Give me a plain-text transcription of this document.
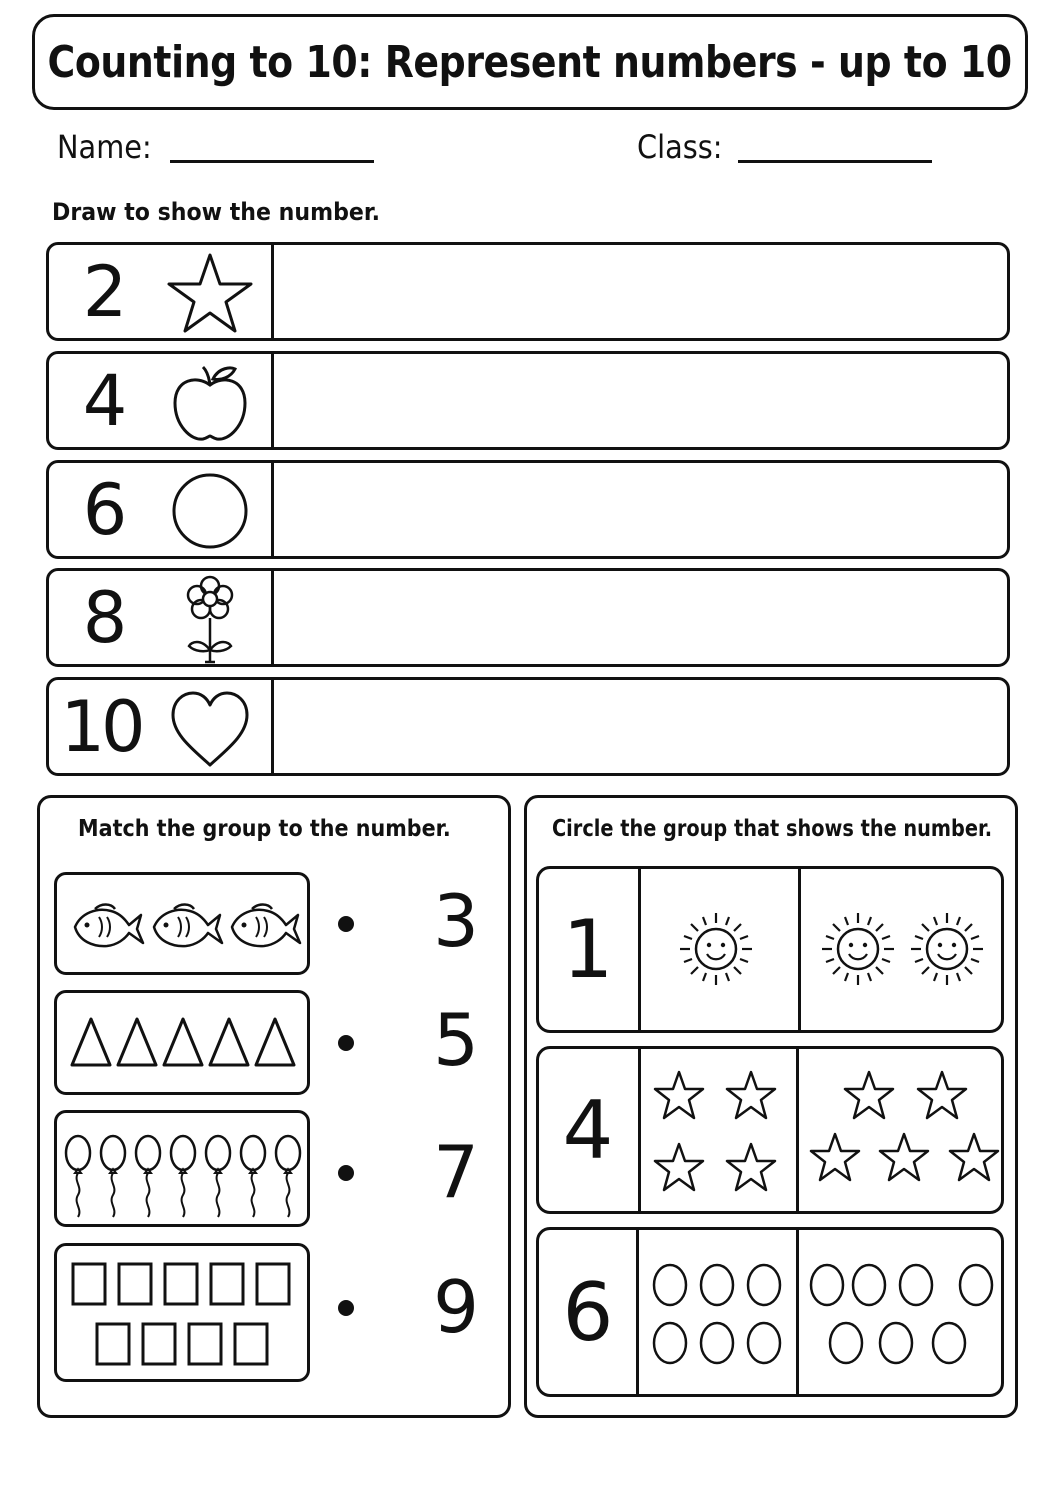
Counting to 10: Represent numbers - up to 10
Name:	Class:
Draw to show the number.
2
4
6
8
10
Match the group to the number.
3
5
7
9
Circle the group that shows the number.
1
4
6
